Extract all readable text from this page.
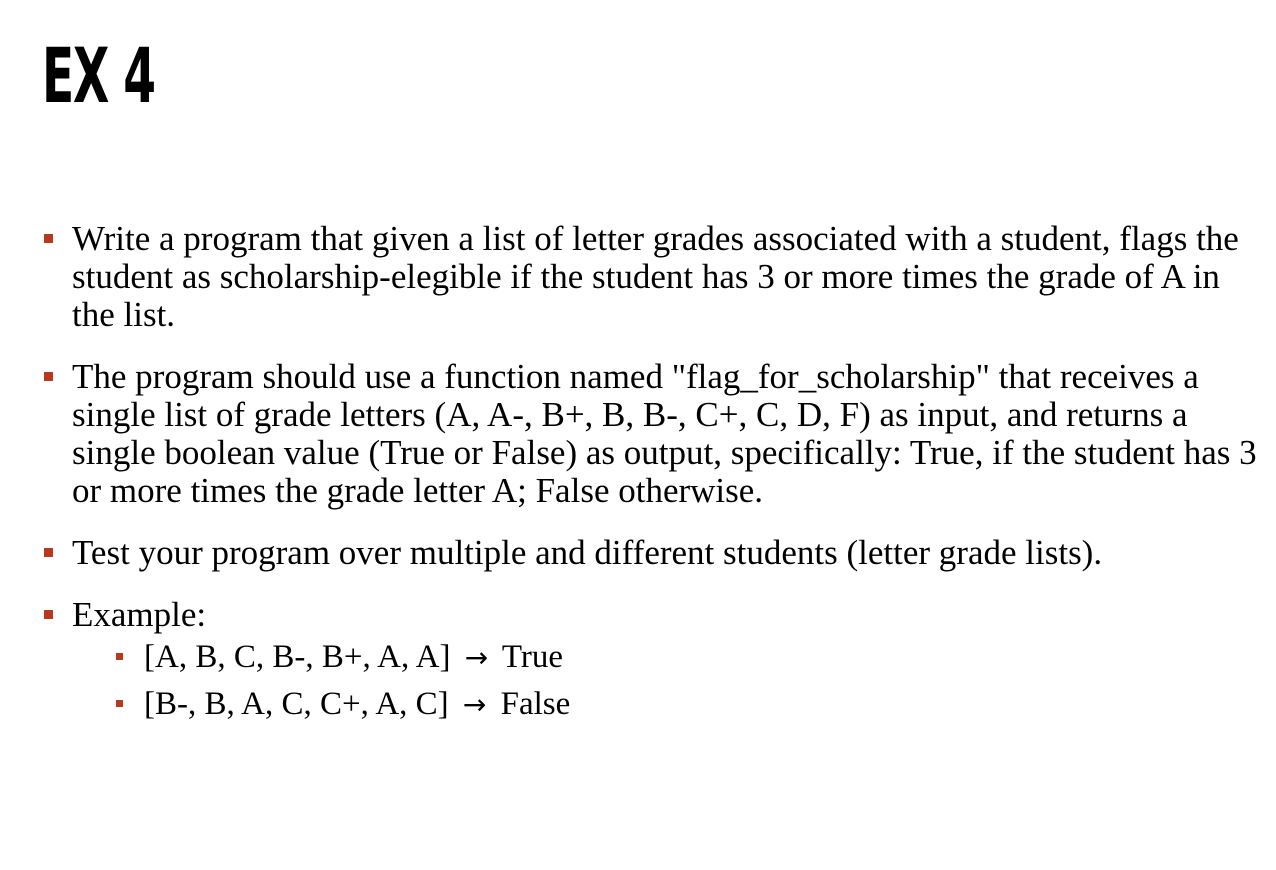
EX 4
Write a program that given a list of letter grades associated with a student, flags the student as scholarship-elegible if the student has 3 or more times the grade of A in the list.
The program should use a function named "flag_for_scholarship" that receives a single list of grade letters (A, A-, B+, B, B-, C+, C, D, F) as input, and returns a single boolean value (True or False) as output, specifically: True, if the student has 3 or more times the grade letter A; False otherwise.
Test your program over multiple and different students (letter grade lists).
Example:
[A, B, C, B-, B+, A, A] → True
[B-, B, A, C, C+, A, C] → False
